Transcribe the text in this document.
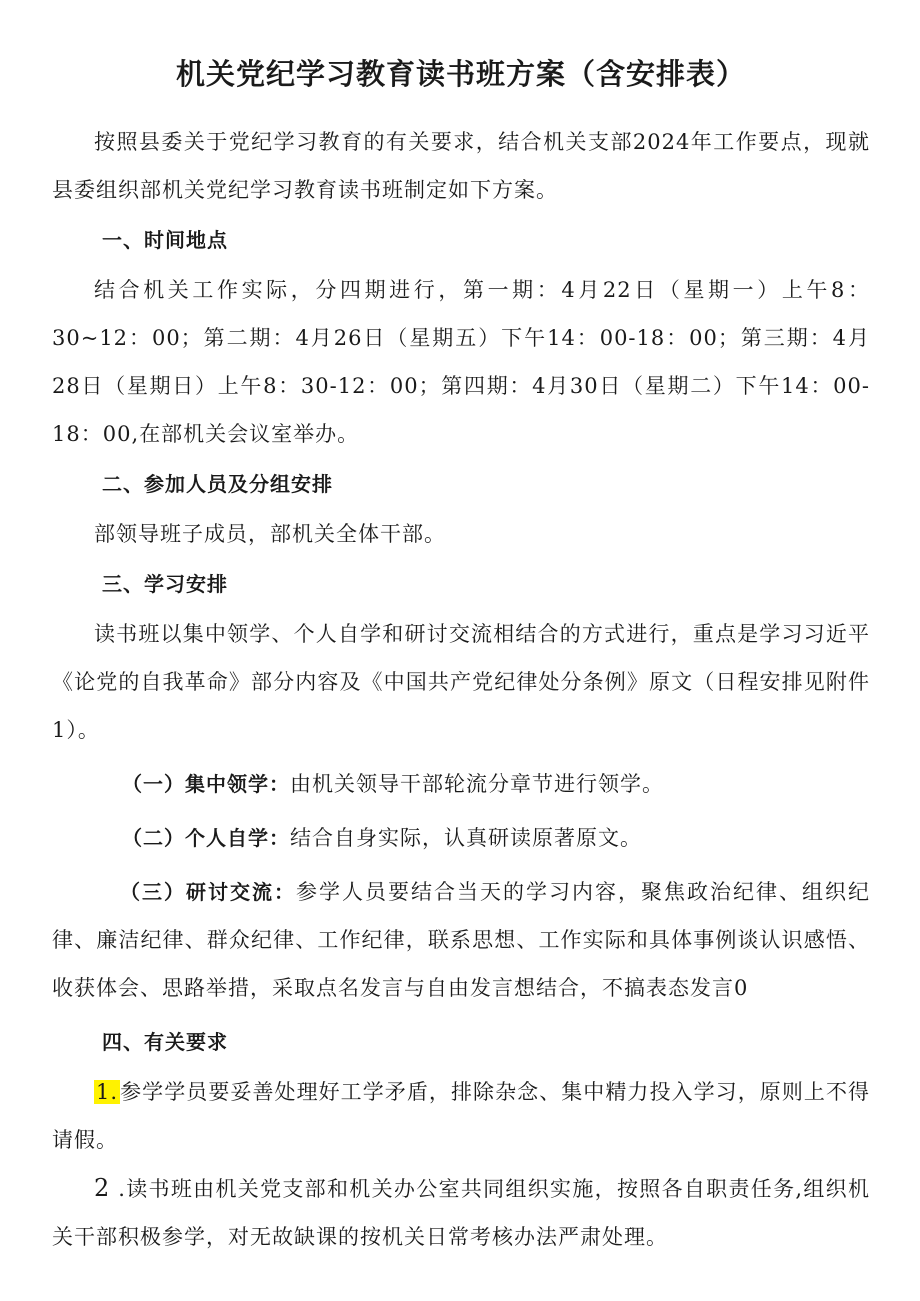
机关党纪学习教育读书班方案（含安排表）

按照县委关于党纪学习教育的有关要求，结合机关支部2024年工作要点，现就县委组织部机关党纪学习教育读书班制定如下方案。

一、时间地点

结合机关工作实际，分四期进行，第一期：4月22日（星期一）上午8：30~12：00；第二期：4月26日（星期五）下午14：00-18：00；第三期：4月28日（星期日）上午8：30-12：00；第四期：4月30日（星期二）下午14：00-18：00,在部机关会议室举办。

二、参加人员及分组安排

部领导班子成员，部机关全体干部。

三、学习安排

读书班以集中领学、个人自学和研讨交流相结合的方式进行，重点是学习习近平《论党的自我革命》部分内容及《中国共产党纪律处分条例》原文（日程安排见附件1）。

（一）集中领学：由机关领导干部轮流分章节进行领学。
（二）个人自学：结合自身实际，认真研读原著原文。
（三）研讨交流：参学人员要结合当天的学习内容，聚焦政治纪律、组织纪律、廉洁纪律、群众纪律、工作纪律，联系思想、工作实际和具体事例谈认识感悟、收获体会、思路举措，采取点名发言与自由发言想结合，不搞表态发言0
四、有关要求

1.参学学员要妥善处理好工学矛盾，排除杂念、集中精力投入学习，原则上不得请假。

2 .读书班由机关党支部和机关办公室共同组织实施，按照各自职责任务,组织机关干部积极参学，对无故缺课的按机关日常考核办法严肃处理。
